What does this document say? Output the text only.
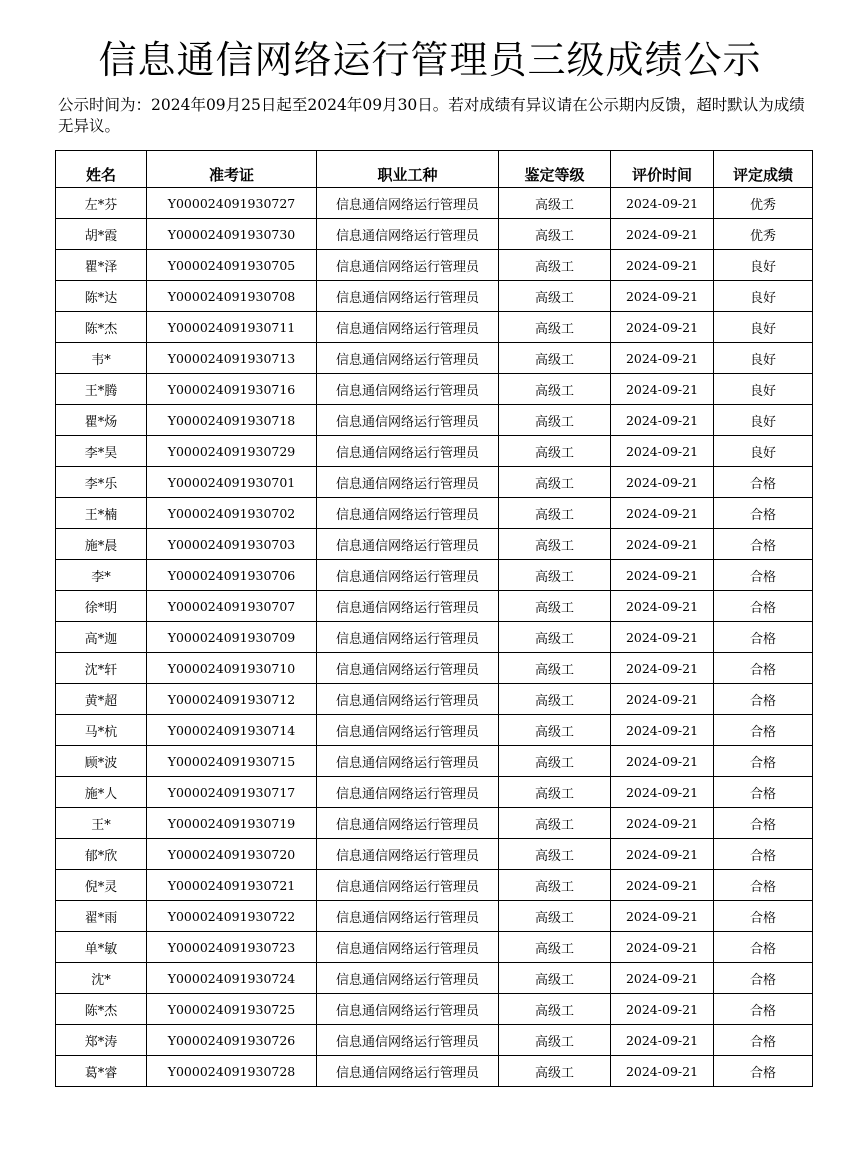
信息通信网络运行管理员三级成绩公示
公示时间为：2024年09月25日起至2024年09月30日。若对成绩有异议请在公示期内反馈，超时默认为成绩无异议。
姓名	准考证	职业工种	鉴定等级	评价时间	评定成绩
左*芬	Y000024091930727	信息通信网络运行管理员	高级工	2024-09-21	优秀
胡*霞	Y000024091930730	信息通信网络运行管理员	高级工	2024-09-21	优秀
瞿*泽	Y000024091930705	信息通信网络运行管理员	高级工	2024-09-21	良好
陈*达	Y000024091930708	信息通信网络运行管理员	高级工	2024-09-21	良好
陈*杰	Y000024091930711	信息通信网络运行管理员	高级工	2024-09-21	良好
韦*	Y000024091930713	信息通信网络运行管理员	高级工	2024-09-21	良好
王*腾	Y000024091930716	信息通信网络运行管理员	高级工	2024-09-21	良好
瞿*炀	Y000024091930718	信息通信网络运行管理员	高级工	2024-09-21	良好
李*昊	Y000024091930729	信息通信网络运行管理员	高级工	2024-09-21	良好
李*乐	Y000024091930701	信息通信网络运行管理员	高级工	2024-09-21	合格
王*楠	Y000024091930702	信息通信网络运行管理员	高级工	2024-09-21	合格
施*晨	Y000024091930703	信息通信网络运行管理员	高级工	2024-09-21	合格
李*	Y000024091930706	信息通信网络运行管理员	高级工	2024-09-21	合格
徐*明	Y000024091930707	信息通信网络运行管理员	高级工	2024-09-21	合格
高*迦	Y000024091930709	信息通信网络运行管理员	高级工	2024-09-21	合格
沈*轩	Y000024091930710	信息通信网络运行管理员	高级工	2024-09-21	合格
黄*超	Y000024091930712	信息通信网络运行管理员	高级工	2024-09-21	合格
马*杭	Y000024091930714	信息通信网络运行管理员	高级工	2024-09-21	合格
顾*波	Y000024091930715	信息通信网络运行管理员	高级工	2024-09-21	合格
施*人	Y000024091930717	信息通信网络运行管理员	高级工	2024-09-21	合格
王*	Y000024091930719	信息通信网络运行管理员	高级工	2024-09-21	合格
郁*欣	Y000024091930720	信息通信网络运行管理员	高级工	2024-09-21	合格
倪*灵	Y000024091930721	信息通信网络运行管理员	高级工	2024-09-21	合格
翟*雨	Y000024091930722	信息通信网络运行管理员	高级工	2024-09-21	合格
单*敏	Y000024091930723	信息通信网络运行管理员	高级工	2024-09-21	合格
沈*	Y000024091930724	信息通信网络运行管理员	高级工	2024-09-21	合格
陈*杰	Y000024091930725	信息通信网络运行管理员	高级工	2024-09-21	合格
郑*涛	Y000024091930726	信息通信网络运行管理员	高级工	2024-09-21	合格
葛*睿	Y000024091930728	信息通信网络运行管理员	高级工	2024-09-21	合格
